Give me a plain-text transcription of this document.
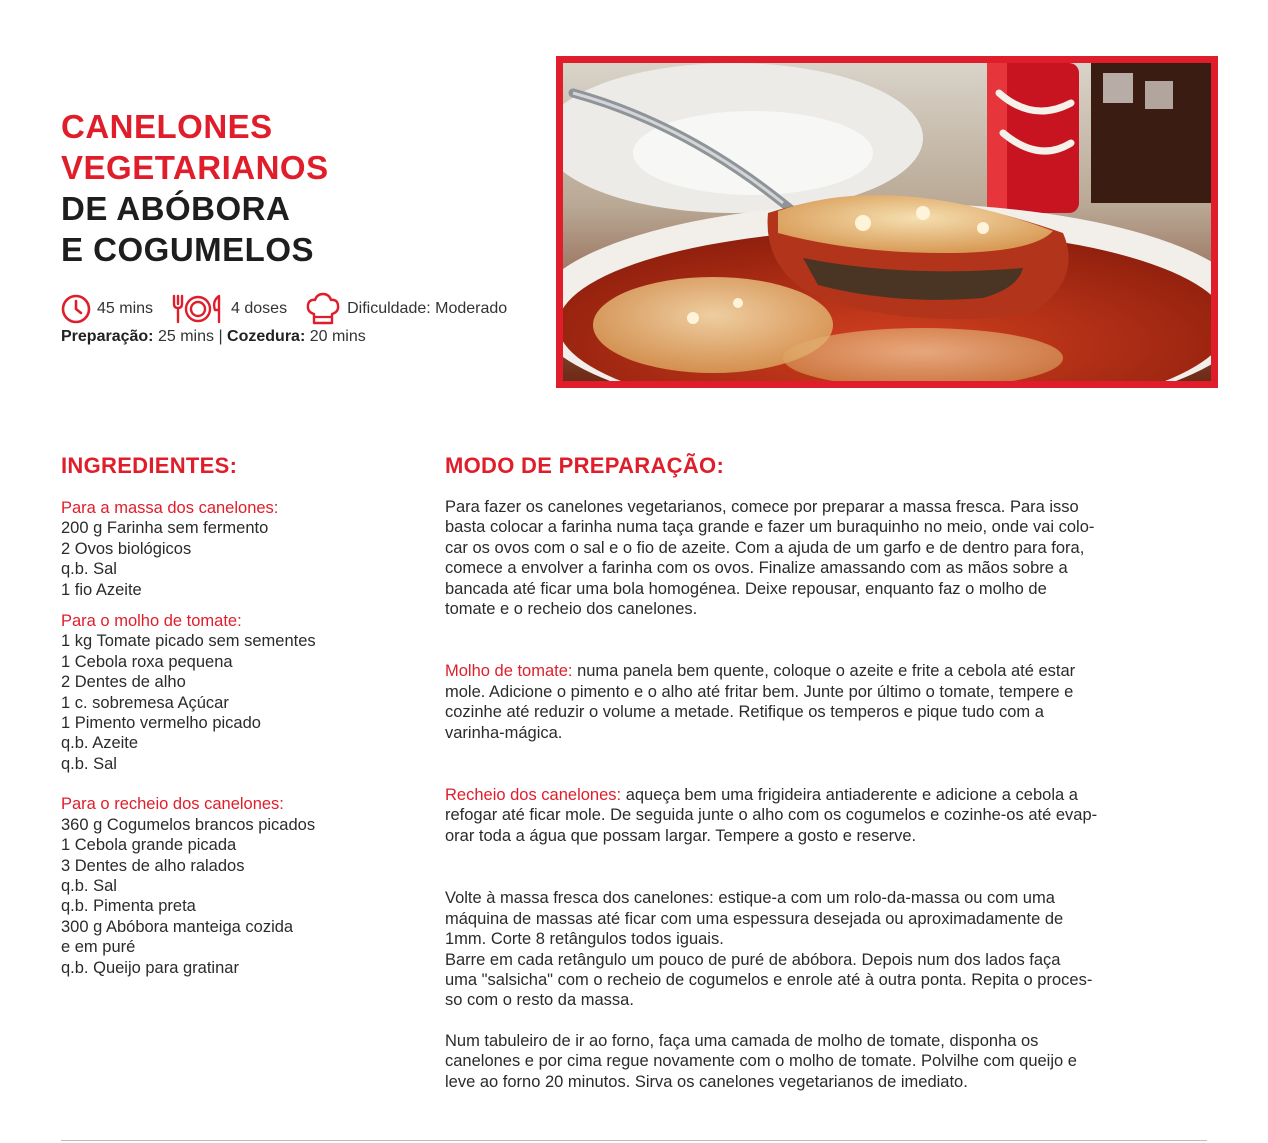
CANELONES
VEGETARIANOS
DE ABÓBORA
E COGUMELOS
45 mins	4 doses	Dificuldade: Moderado
Preparação: 25 mins | Cozedura: 20 mins
INGREDIENTES:	MODO DE PREPARAÇÃO:
Para a massa dos canelones:
200 g Farinha sem fermento
2 Ovos biológicos
q.b. Sal
1 fio Azeite
Para o molho de tomate:
1 kg Tomate picado sem sementes
1 Cebola roxa pequena
2 Dentes de alho
1 c. sobremesa Açúcar
1 Pimento vermelho picado
q.b. Azeite
q.b. Sal
Para o recheio dos canelones:
360 g Cogumelos brancos picados
1 Cebola grande picada
3 Dentes de alho ralados
q.b. Sal
q.b. Pimenta preta
300 g Abóbora manteiga cozida
e em puré
q.b. Queijo para gratinar

Para fazer os canelones vegetarianos, comece por preparar a massa fresca. Para isso
basta colocar a farinha numa taça grande e fazer um buraquinho no meio, onde vai colo-
car os ovos com o sal e o fio de azeite. Com a ajuda de um garfo e de dentro para fora,
comece a envolver a farinha com os ovos. Finalize amassando com as mãos sobre a
bancada até ficar uma bola homogénea. Deixe repousar, enquanto faz o molho de
tomate e o recheio dos canelones.

Molho de tomate: numa panela bem quente, coloque o azeite e frite a cebola até estar
mole. Adicione o pimento e o alho até fritar bem. Junte por último o tomate, tempere e
cozinhe até reduzir o volume a metade. Retifique os temperos e pique tudo com a
varinha-mágica.

Recheio dos canelones: aqueça bem uma frigideira antiaderente e adicione a cebola a
refogar até ficar mole. De seguida junte o alho com os cogumelos e cozinhe-os até evap-
orar toda a água que possam largar. Tempere a gosto e reserve.

Volte à massa fresca dos canelones: estique-a com um rolo-da-massa ou com uma
máquina de massas até ficar com uma espessura desejada ou aproximadamente de
1mm. Corte 8 retângulos todos iguais.
Barre em cada retângulo um pouco de puré de abóbora. Depois num dos lados faça
uma "salsicha" com o recheio de cogumelos e enrole até à outra ponta. Repita o proces-
so com o resto da massa.

Num tabuleiro de ir ao forno, faça uma camada de molho de tomate, disponha os
canelones e por cima regue novamente com o molho de tomate. Polvilhe com queijo e
leve ao forno 20 minutos. Sirva os canelones vegetarianos de imediato.
